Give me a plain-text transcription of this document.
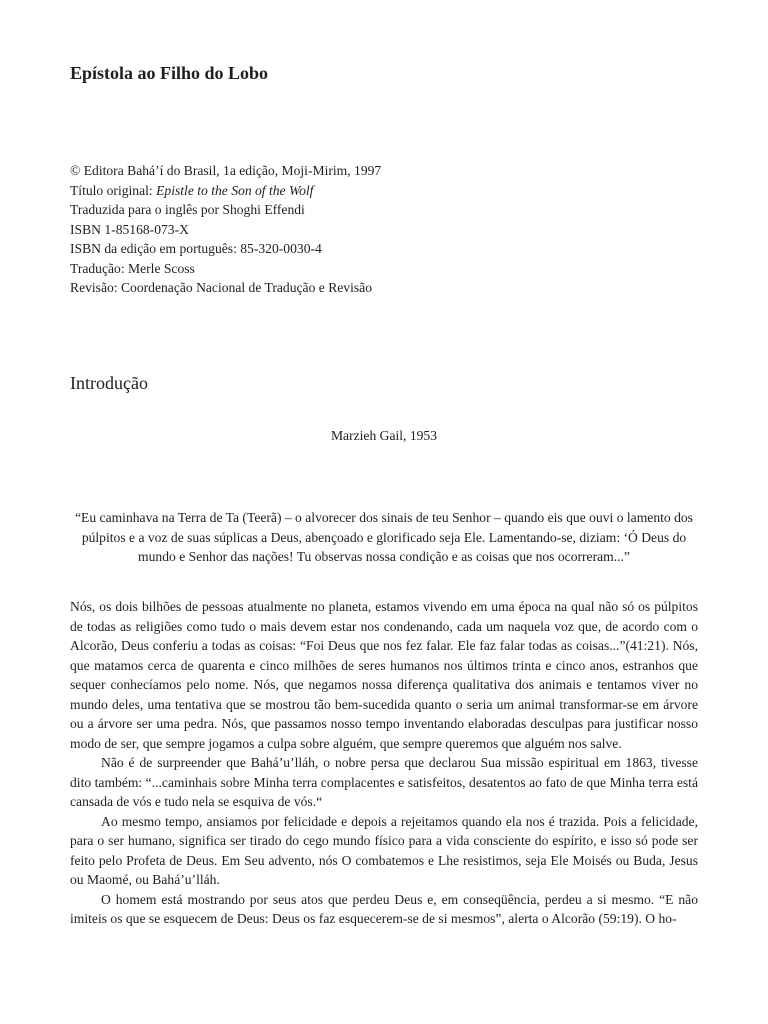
Epístola ao Filho do Lobo
© Editora Bahá’í do Brasil, 1a edição, Moji-Mirim, 1997
Título original: Epistle to the Son of the Wolf
Traduzida para o inglês por Shoghi Effendi
ISBN 1-85168-073-X
ISBN da edição em português: 85-320-0030-4
Tradução: Merle Scoss
Revisão: Coordenação Nacional de Tradução e Revisão
Introdução
Marzieh Gail, 1953
“Eu caminhava na Terra de Ta (Teerã) – o alvorecer dos sinais de teu Senhor – quando eis que ouvi o lamento dos púlpitos e a voz de suas súplicas a Deus, abençoado e glorificado seja Ele. Lamentando-se, diziam: ‘Ó Deus do mundo e Senhor das nações! Tu observas nossa condição e as coisas que nos ocorreram...”

Nós, os dois bilhões de pessoas atualmente no planeta, estamos vivendo em uma época na qual não só os púlpitos de todas as religiões como tudo o mais devem estar nos condenando, cada um naquela voz que, de acordo com o Alcorão, Deus conferiu a todas as coisas: “Foi Deus que nos fez falar. Ele faz falar todas as coisas...”(41:21). Nós, que matamos cerca de quarenta e cinco milhões de seres humanos nos últimos trinta e cinco anos, estranhos que sequer conhecíamos pelo nome. Nós, que negamos nossa diferença qualitativa dos animais e tentamos viver no mundo deles, uma tentativa que se mostrou tão bem-sucedida quanto o seria um animal transformar-se em árvore ou a árvore ser uma pedra. Nós, que passamos nosso tempo inventando elaboradas desculpas para justificar nosso modo de ser, que sempre jogamos a culpa sobre alguém, que sempre queremos que alguém nos salve.

Não é de surpreender que Bahá’u’lláh, o nobre persa que declarou Sua missão espiritual em 1863, tivesse dito também: “...caminhais sobre Minha terra complacentes e satisfeitos, desatentos ao fato de que Minha terra está cansada de vós e tudo nela se esquiva de vós.“

Ao mesmo tempo, ansiamos por felicidade e depois a rejeitamos quando ela nos é trazida. Pois a felicidade, para o ser humano, significa ser tirado do cego mundo físico para a vida consciente do espírito, e isso só pode ser feito pelo Profeta de Deus. Em Seu advento, nós O combatemos e Lhe resistimos, seja Ele Moisés ou Buda, Jesus ou Maomé, ou Bahá’u’lláh.

O homem está mostrando por seus atos que perdeu Deus e, em conseqüência, perdeu a si mesmo. “E não imiteis os que se esquecem de Deus: Deus os faz esquecerem-se de si mesmos”, alerta o Alcorão (59:19). O ho-
